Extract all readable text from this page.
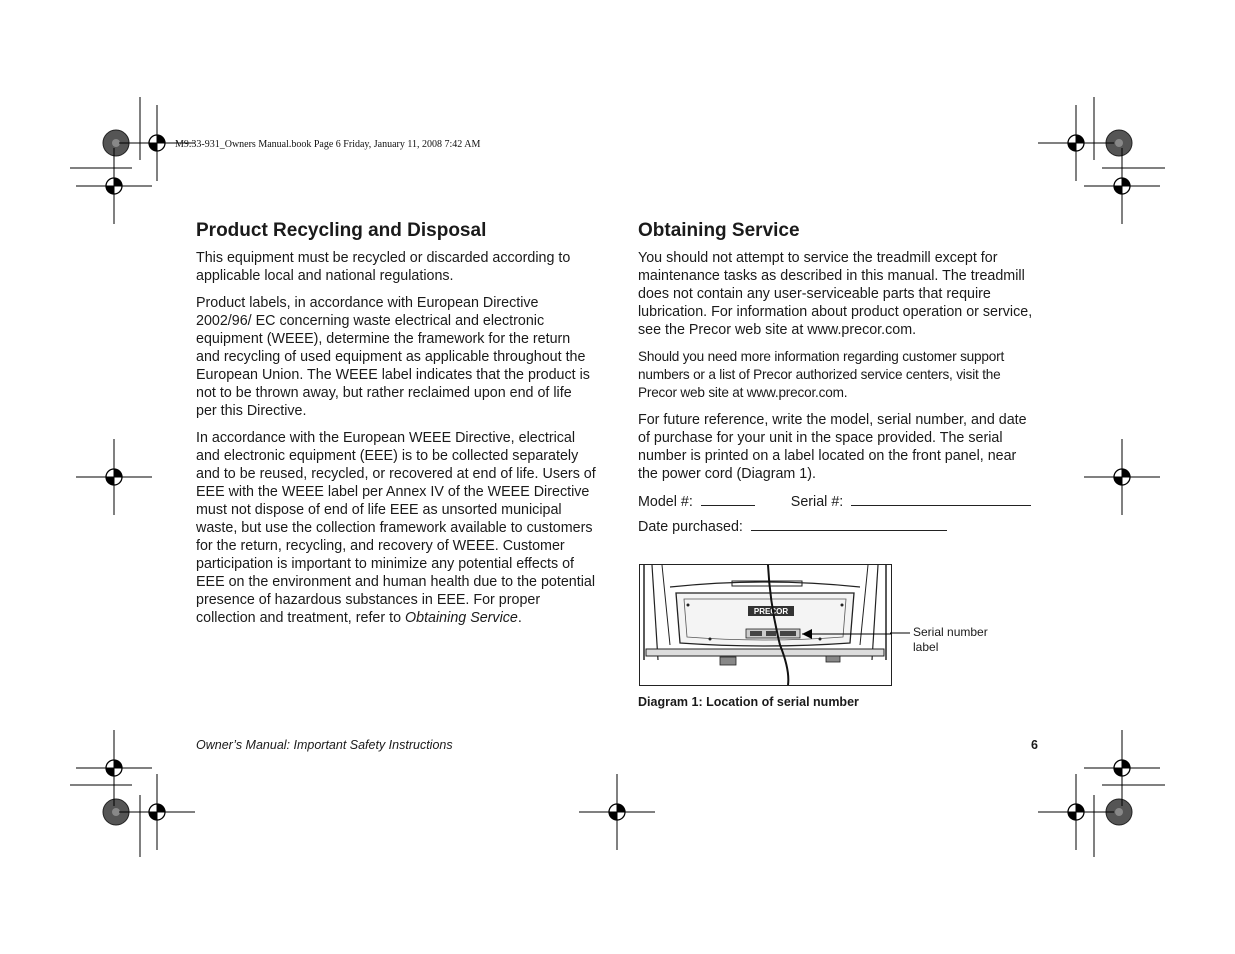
M9.33-931_Owners Manual.book Page 6 Friday, January 11, 2008 7:42 AM
Product Recycling and Disposal

This equipment must be recycled or discarded according to applicable local and national regulations.

Product labels, in accordance with European Directive 2002/96/ EC concerning waste electrical and electronic equipment (WEEE), determine the framework for the return and recycling of used equipment as applicable throughout the European Union. The WEEE label indicates that the product is not to be thrown away, but rather reclaimed upon end of life per this Directive.

In accordance with the European WEEE Directive, electrical and electronic equipment (EEE) is to be collected separately and to be reused, recycled, or recovered at end of life. Users of EEE with the WEEE label per Annex IV of the WEEE Directive must not dispose of end of life EEE as unsorted municipal waste, but use the collection framework available to customers for the return, recycling, and recovery of WEEE. Customer participation is important to minimize any potential effects of EEE on the environment and human health due to the potential presence of hazardous substances in EEE. For proper collection and treatment, refer to Obtaining Service.

Obtaining Service

You should not attempt to service the treadmill except for maintenance tasks as described in this manual. The treadmill does not contain any user-serviceable parts that require lubrication. For information about product operation or service, see the Precor web site at www.precor.com.

Should you need more information regarding customer support numbers or a list of Precor authorized service centers, visit the Precor web site at www.precor.com.

For future reference, write the model, serial number, and date of purchase for your unit in the space provided. The serial number is printed on a label located on the front panel, near the power cord (Diagram 1).

Model #:	Serial #:
Date purchased:
PRECOR
Serial number label
Diagram 1: Location of serial number
Owner’s Manual: Important Safety Instructions	6
